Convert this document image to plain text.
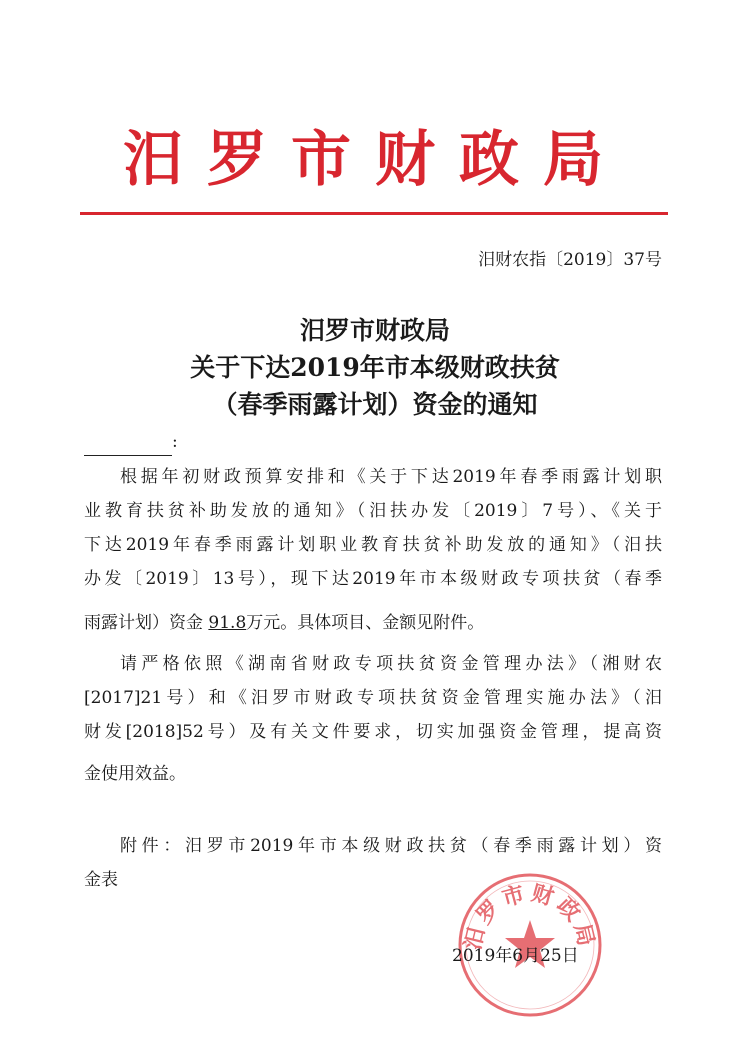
汨罗市财政局
汨财农指〔2019〕37号
汨罗市财政局
关于下达2019年市本级财政扶贫
（春季雨露计划）资金的通知
:
根据年初财政预算安排和《关于下达2019年春季雨露计划职
业教育扶贫补助发放的通知》（汨扶办发〔2019〕7号）、《关于
下达2019年春季雨露计划职业教育扶贫补助发放的通知》（汨扶
办发〔2019〕13号），现下达2019年市本级财政专项扶贫（春季
雨露计划）资金 91.8万元。具体项目、金额见附件。
请严格依照《湖南省财政专项扶贫资金管理办法》（湘财农
[2017]21号）和《汨罗市财政专项扶贫资金管理实施办法》（汨
财发[2018]52号）及有关文件要求，切实加强资金管理，提高资
金使用效益。
附件：汨罗市2019年市本级财政扶贫（春季雨露计划）资
金表
汨罗市财政局
2019年6月25日
